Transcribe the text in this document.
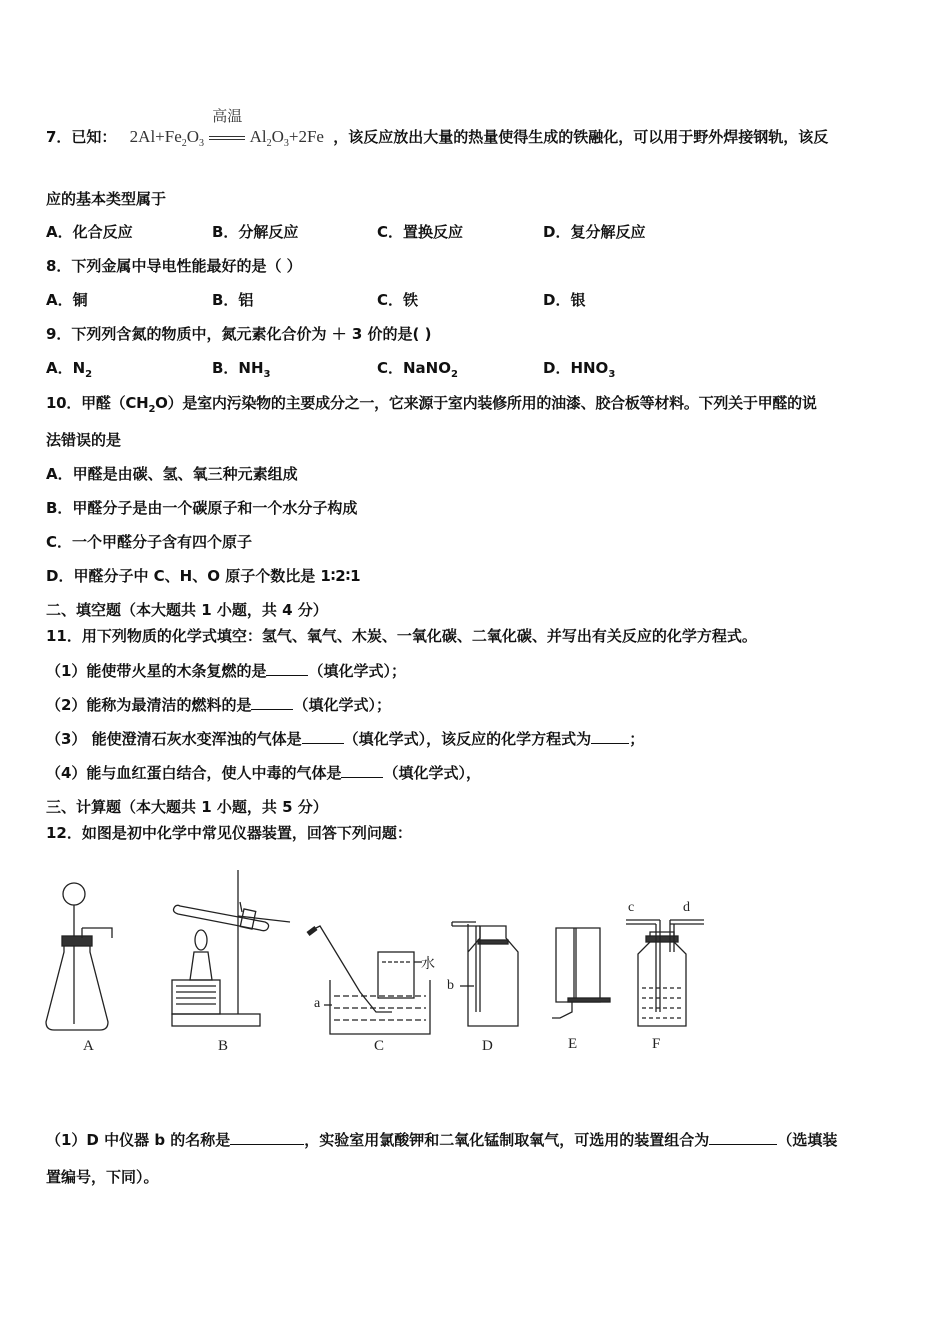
7．已知： $2Al+Fe_2O_3$
高温
$Al_2O_3+2Fe$ ，该反应放出大量的热量使得生成的铁融化，可以用于野外焊接钢轨，该反
应的基本类型属于
A．化合反应	B．分解反应	C．置换反应	D．复分解反应
8．下列金属中导电性能最好的是（ ）
A．铜	B．铝	C．铁	D．银
9．下列列含氮的物质中，氮元素化合价为 ＋ 3 价的是( )
A．$N_2$	B．$NH_3$	C．NaNO$_2$	D．$HNO_3$
10．甲醛$(CH_2O)$是室内污染物的主要成分之一，它来源于室内装修所用的油漆、胶合板等材料。下列关于甲醛的说
法错误的是
A．甲醛是由碳、氢、氧三种元素组成
B．甲醛分子是由一个碳原子和一个水分子构成
C．一个甲醛分子含有四个原子
D．甲醛分子中 C、H、O 原子个数比是 1∶2∶1
二、填空题（本大题共 1 小题，共 4 分）
11．用下列物质的化学式填空：氢气、氧气、木炭、一氧化碳、二氧化碳、并写出有关反应的化学方程式。
（1）能使带火星的木条复燃的是	（填化学式）；
（2）能称为最清洁的燃料的是	（填化学式）；
（3） 能使澄清石灰水变浑浊的气体是	（填化学式），该反应的化学方程式为	；
（4）能与血红蛋白结合，使人中毒的气体是	（填化学式），
三、计算题（本大题共 1 小题，共 5 分）
12．如图是初中化学中常见仪器装置，回答下列问题：
A	B	C	D	E	F
a
b
c	d
水
（1）D 中仪器 b 的名称是	，实验室用氯酸钾和二氧化锰制取氧气，可选用的装置组合为	（选填装
置编号，下同）。
